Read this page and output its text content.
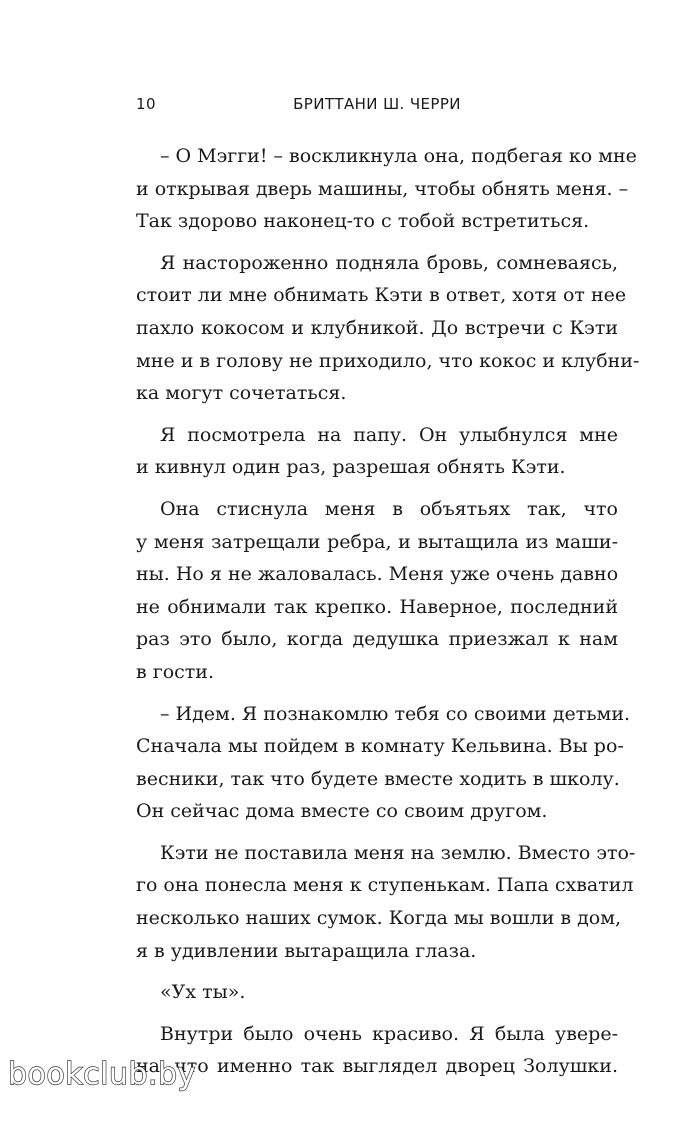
10	БРИТТАНИ Ш. ЧЕРРИ
– О Мэгги! – воскликнула она, подбегая ко мне
и открывая дверь машины, чтобы обнять меня. –
Так здорово наконец-то с тобой встретиться.
Я настороженно подняла бровь, сомневаясь,
стоит ли мне обнимать Кэти в ответ, хотя от нее
пахло кокосом и клубникой. До встречи с Кэти
мне и в голову не приходило, что кокос и клубни-
ка могут сочетаться.
Я посмотрела на папу. Он улыбнулся мне
и кивнул один раз, разрешая обнять Кэти.
Она стиснула меня в объятьях так, что
у меня затрещали ребра, и вытащила из маши-
ны. Но я не жаловалась. Меня уже очень давно
не обнимали так крепко. Наверное, последний
раз это было, когда дедушка приезжал к нам
в гости.
– Идем. Я познакомлю тебя со своими детьми.
Сначала мы пойдем в комнату Кельвина. Вы ро-
весники, так что будете вместе ходить в школу.
Он сейчас дома вместе со своим другом.
Кэти не поставила меня на землю. Вместо это-
го она понесла меня к ступенькам. Папа схватил
несколько наших сумок. Когда мы вошли в дом,
я в удивлении вытаращила глаза.
«Ух ты».
Внутри было очень красиво. Я была увере-
на, что именно так выглядел дворец Золушки.
bookclub.by
